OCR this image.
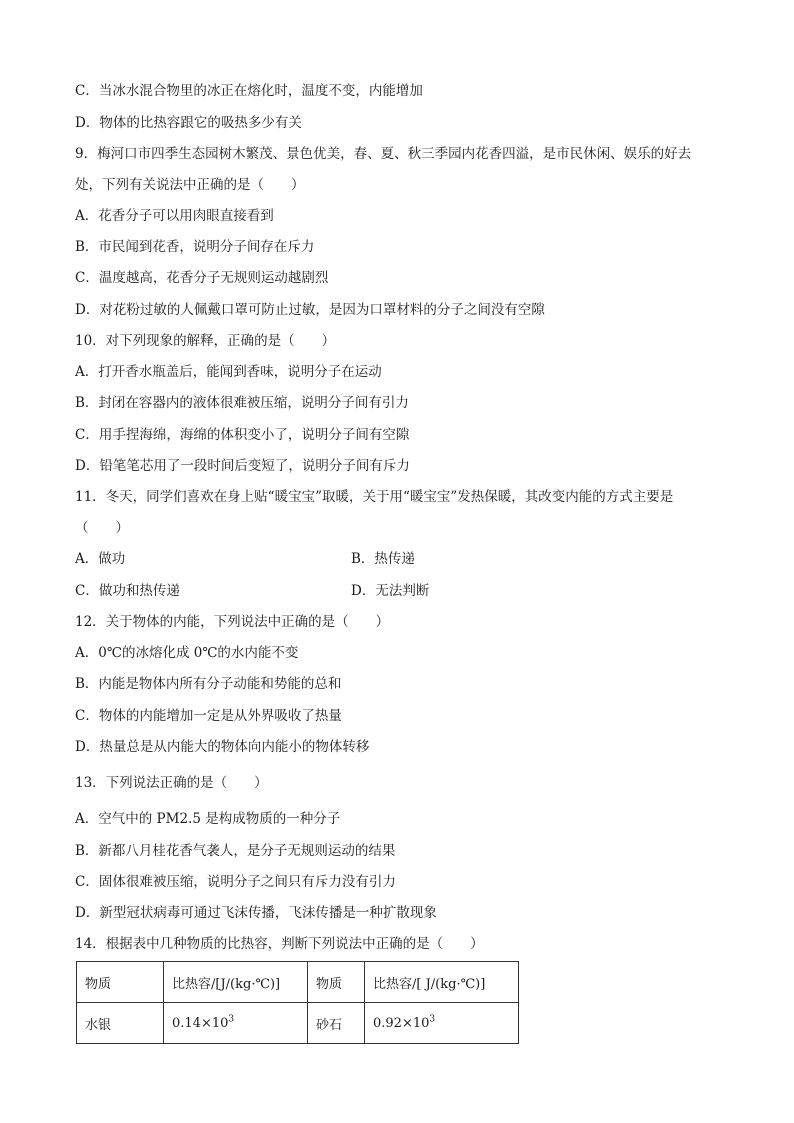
C．当冰水混合物里的冰正在熔化时，温度不变，内能增加
D．物体的比热容跟它的吸热多少有关
9．梅河口市四季生态园树木繁茂、景色优美，春、夏、秋三季园内花香四溢，是市民休闲、娱乐的好去
处，下列有关说法中正确的是（　　）
A．花香分子可以用肉眼直接看到
B．市民闻到花香，说明分子间存在斥力
C．温度越高，花香分子无规则运动越剧烈
D．对花粉过敏的人佩戴口罩可防止过敏，是因为口罩材料的分子之间没有空隙
10．对下列现象的解释，正确的是（　　）
A．打开香水瓶盖后，能闻到香味，说明分子在运动
B．封闭在容器内的液体很难被压缩，说明分子间有引力
C．用手捏海绵，海绵的体积变小了，说明分子间有空隙
D．铅笔笔芯用了一段时间后变短了，说明分子间有斥力
11．冬天，同学们喜欢在身上贴“暖宝宝”取暖，关于用“暖宝宝”发热保暖，其改变内能的方式主要是
（　　）
A．做功	B．热传递
C．做功和热传递	D．无法判断
12．关于物体的内能，下列说法中正确的是（　　）
A．0℃的冰熔化成 0℃的水内能不变
B．内能是物体内所有分子动能和势能的总和
C．物体的内能增加一定是从外界吸收了热量
D．热量总是从内能大的物体向内能小的物体转移
13．下列说法正确的是（　　）
A．空气中的 PM2.5 是构成物质的一种分子
B．新都八月桂花香气袭人，是分子无规则运动的结果
C．固体很难被压缩，说明分子之间只有斥力没有引力
D．新型冠状病毒可通过飞沫传播，飞沫传播是一种扩散现象
14．根据表中几种物质的比热容，判断下列说法中正确的是（　　）
物质	比热容/[J/(kg·℃)]	物质	比热容/[ J/(kg·℃)]
水银	$0.14\times 10^3$	砂石	$0.92\times 10^3$
